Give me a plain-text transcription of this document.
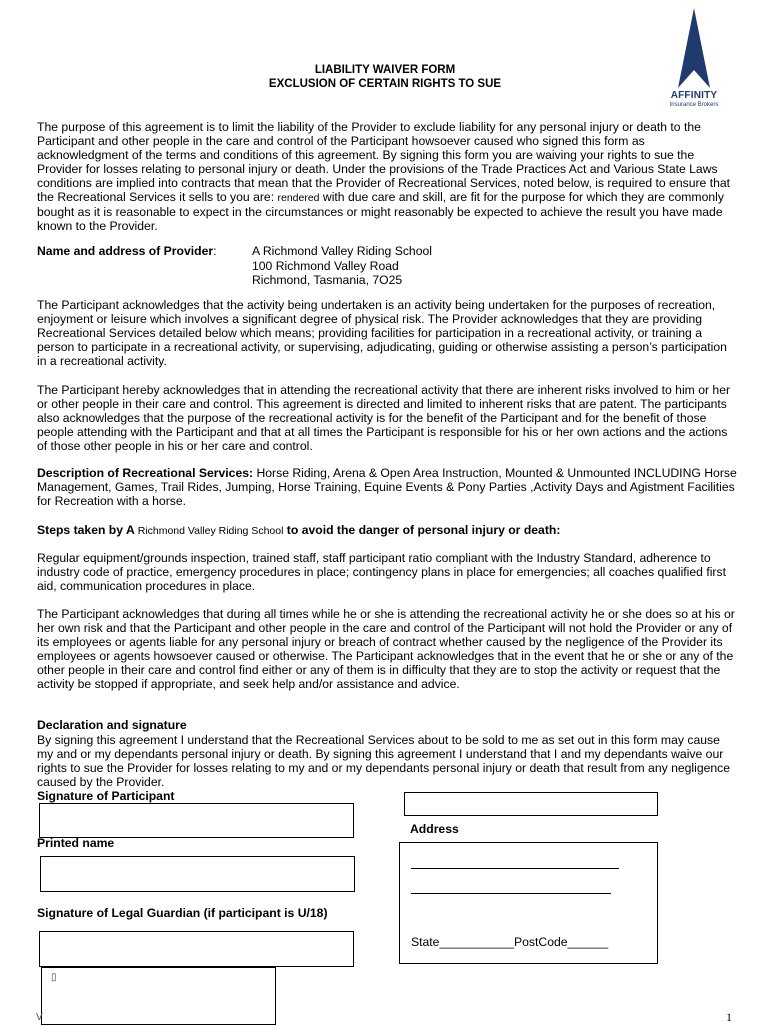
AFFINITY
Insurance Brokers
LIABILITY WAIVER FORM
EXCLUSION OF CERTAIN RIGHTS TO SUE

The purpose of this agreement is to limit the liability of the Provider to exclude liability for any personal injury or death to the Participant and other people in the care and control of the Participant howsoever caused who signed this form as acknowledgment of the terms and conditions of this agreement. By signing this form you are waiving your rights to sue the Provider for losses relating to personal injury or death. Under the provisions of the Trade Practices Act and Various State Laws conditions are implied into contracts that mean that the Provider of Recreational Services, noted below, is required to ensure that the Recreational Services it sells to you are: rendered with due care and skill, are fit for the purpose for which they are commonly bought as it is reasonable to expect in the circumstances or might reasonably be expected to achieve the result you have made known to the Provider.

Name and address of Provider:	A Richmond Valley Riding School
100 Richmond Valley Road
Richmond, Tasmania, 7O25

The Participant acknowledges that the activity being undertaken is an activity being undertaken for the purposes of recreation, enjoyment or leisure which involves a significant degree of physical risk. The Provider acknowledges that they are providing Recreational Services detailed below which means; providing facilities for participation in a recreational activity, or training a person to participate in a recreational activity, or supervising, adjudicating, guiding or otherwise assisting a person’s participation in a recreational activity.

The Participant hereby acknowledges that in attending the recreational activity that there are inherent risks involved to him or her or other people in their care and control. This agreement is directed and limited to inherent risks that are patent. The participants also acknowledges that the purpose of the recreational activity is for the benefit of the Participant and for the benefit of those people attending with the Participant and that at all times the Participant is responsible for his or her own actions and the actions of those other people in his or her care and control.

Description of Recreational Services: Horse Riding, Arena & Open Area Instruction, Mounted & Unmounted INCLUDING Horse Management, Games, Trail Rides, Jumping, Horse Training, Equine Events & Pony Parties ,Activity Days and Agistment Facilities for Recreation with a horse.

Steps taken by A Richmond Valley Riding School to avoid the danger of personal injury or death:

Regular equipment/grounds inspection, trained staff, staff participant ratio compliant with the Industry Standard, adherence to industry code of practice, emergency procedures in place; contingency plans in place for emergencies; all coaches qualified first aid, communication procedures in place.

The Participant acknowledges that during all times while he or she is attending the recreational activity he or she does so at his or her own risk and that the Participant and other people in the care and control of the Participant will not hold the Provider or any of its employees or agents liable for any personal injury or breach of contract whether caused by the negligence of the Provider its employees or agents howsoever caused or otherwise. The Participant acknowledges that in the event that he or she or any of the other people in their care and control find either or any of them is in difficulty that they are to stop the activity or request that the activity be stopped if appropriate, and seek help and/or assistance and advice.

Declaration and signature

By signing this agreement I understand that the Recreational Services about to be sold to me as set out in this form may cause my and or my dependants personal injury or death. By signing this agreement I understand that I and my dependants waive our rights to sue the Provider for losses relating to my and or my dependants personal injury or death that result from any negligence caused by the Provider.

Signature of Participant
Address
State___________PostCode______
Printed name
Signature of Legal Guardian (if participant is U/18)
▯
V	1
